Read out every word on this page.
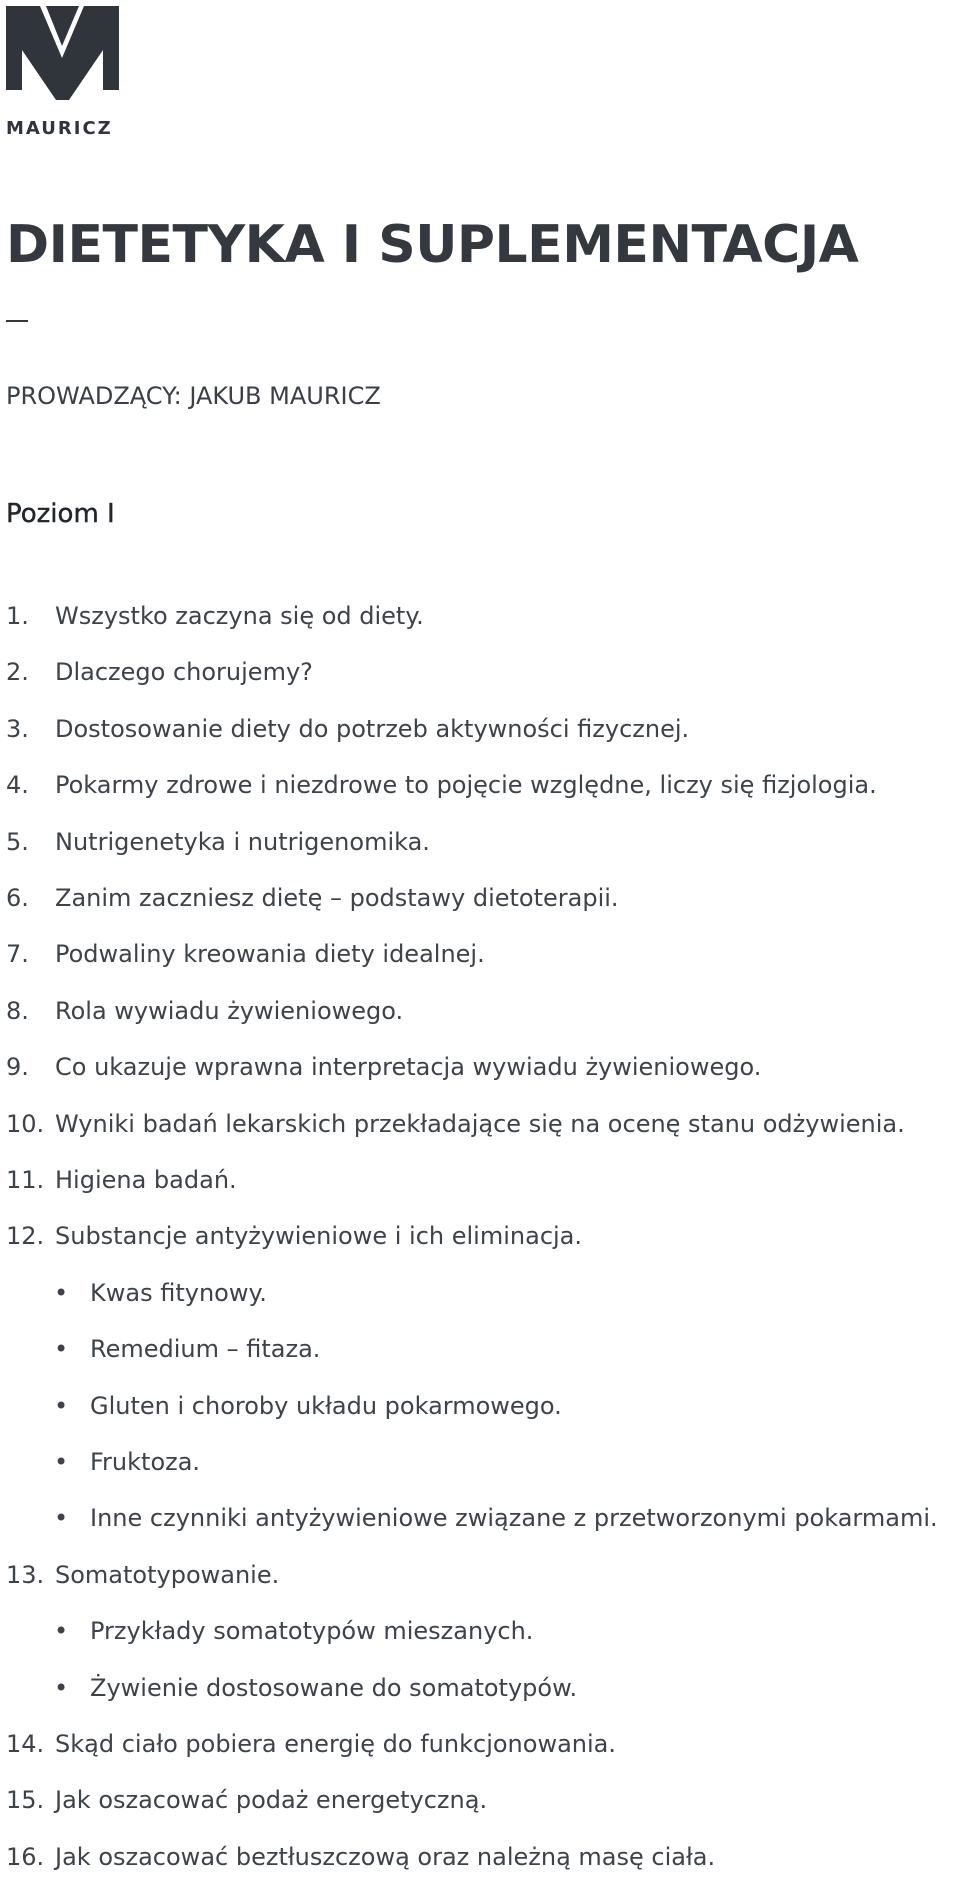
MAURICZ
DIETETYKA I SUPLEMENTACJA
PROWADZĄCY: JAKUB MAURICZ
Poziom I
1. Wszystko zaczyna się od diety.
2. Dlaczego chorujemy?
3. Dostosowanie diety do potrzeb aktywności fizycznej.
4. Pokarmy zdrowe i niezdrowe to pojęcie względne, liczy się fizjologia.
5. Nutrigenetyka i nutrigenomika.
6. Zanim zaczniesz dietę – podstawy dietoterapii.
7. Podwaliny kreowania diety idealnej.
8. Rola wywiadu żywieniowego.
9. Co ukazuje wprawna interpretacja wywiadu żywieniowego.
10. Wyniki badań lekarskich przekładające się na ocenę stanu odżywienia.
11. Higiena badań.
12. Substancje antyżywieniowe i ich eliminacja.
• Kwas fitynowy.
• Remedium – fitaza.
• Gluten i choroby układu pokarmowego.
• Fruktoza.
• Inne czynniki antyżywieniowe związane z przetworzonymi pokarmami.
13. Somatotypowanie.
• Przykłady somatotypów mieszanych.
• Żywienie dostosowane do somatotypów.
14. Skąd ciało pobiera energię do funkcjonowania.
15. Jak oszacować podaż energetyczną.
16. Jak oszacować beztłuszczową oraz należną masę ciała.
